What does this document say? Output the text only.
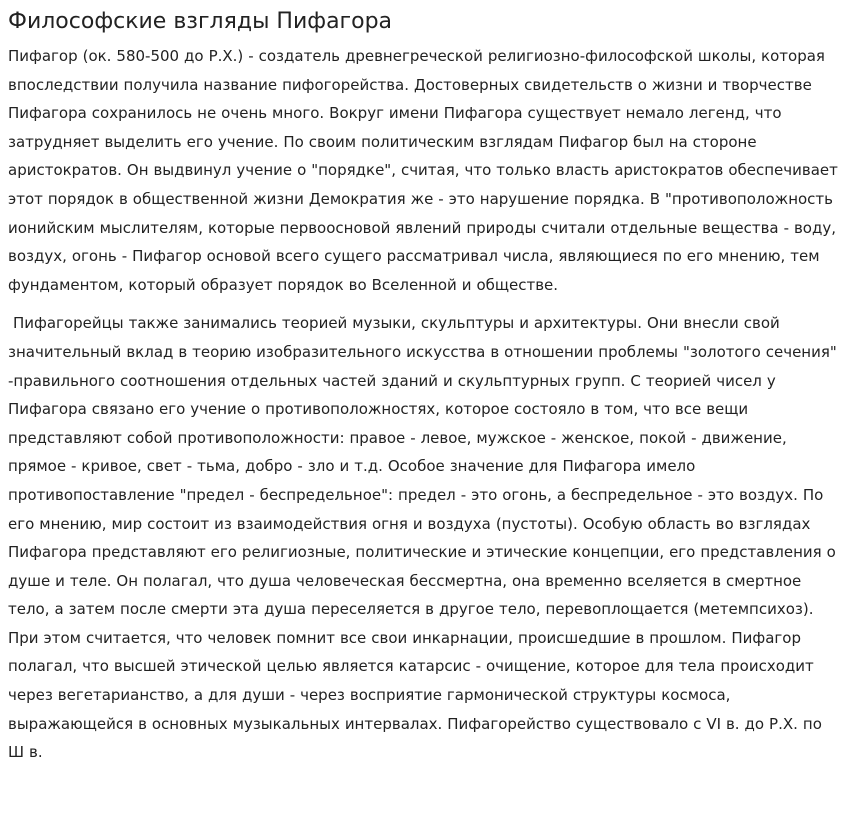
Философские взгляды Пифагора

Пифагор (ок. 580-500 до Р.Х.) - создатель древнегреческой религиозно-философской школы, которая впоследствии получила название пифогорейства. Достоверных свидетельств о жизни и творчестве Пифагора сохранилось не очень много. Вокруг имени Пифагора существует немало легенд, что затрудняет выделить его учение. По своим политическим взглядам Пифагор был на стороне аристократов. Он выдвинул учение о "порядке", считая, что только власть аристократов обеспечивает этот порядок в общественной жизни Демократия же - это нарушение порядка. В "противоположность ионийским мыслителям, которые первоосновой явлений природы считали отдельные вещества - воду, воздух, огонь - Пифагор основой всего сущего рассматривал числа, являющиеся по его мнению, тем фундаментом, который образует порядок во Вселенной и обществе.

Пифагорейцы также занимались теорией музыки, скульптуры и архитектуры. Они внесли свой значительный вклад в теорию изобразительного искусства в отношении проблемы "золотого сечения" -правильного соотношения отдельных частей зданий и скульптурных групп. С теорией чисел у Пифагора связано его учение о противоположностях, которое состояло в том, что все вещи представляют собой противоположности: правое - левое, мужское - женское, покой - движение, прямое - кривое, свет - тьма, добро - зло и т.д. Особое значение для Пифагора имело противопоставление "предел - беспредельное": предел - это огонь, а беспредельное - это воздух. По его мнению, мир состоит из взаимодействия огня и воздуха (пустоты). Особую область во взглядах Пифагора представляют его религиозные, политические и этические концепции, его представления о душе и теле. Он полагал, что душа человеческая бессмертна, она временно вселяется в смертное тело, а затем после смерти эта душа переселяется в другое тело, перевоплощается (метемпсихоз). При этом считается, что человек помнит все свои инкарнации, происшедшие в прошлом. Пифагор полагал, что высшей этической целью является катарсис - очищение, которое для тела происходит через вегетарианство, а для души - через восприятие гармонической структуры космоса, выражающейся в основных музыкальных интервалах. Пифагорейство существовало с VI в. до Р.Х. по Ш в.
